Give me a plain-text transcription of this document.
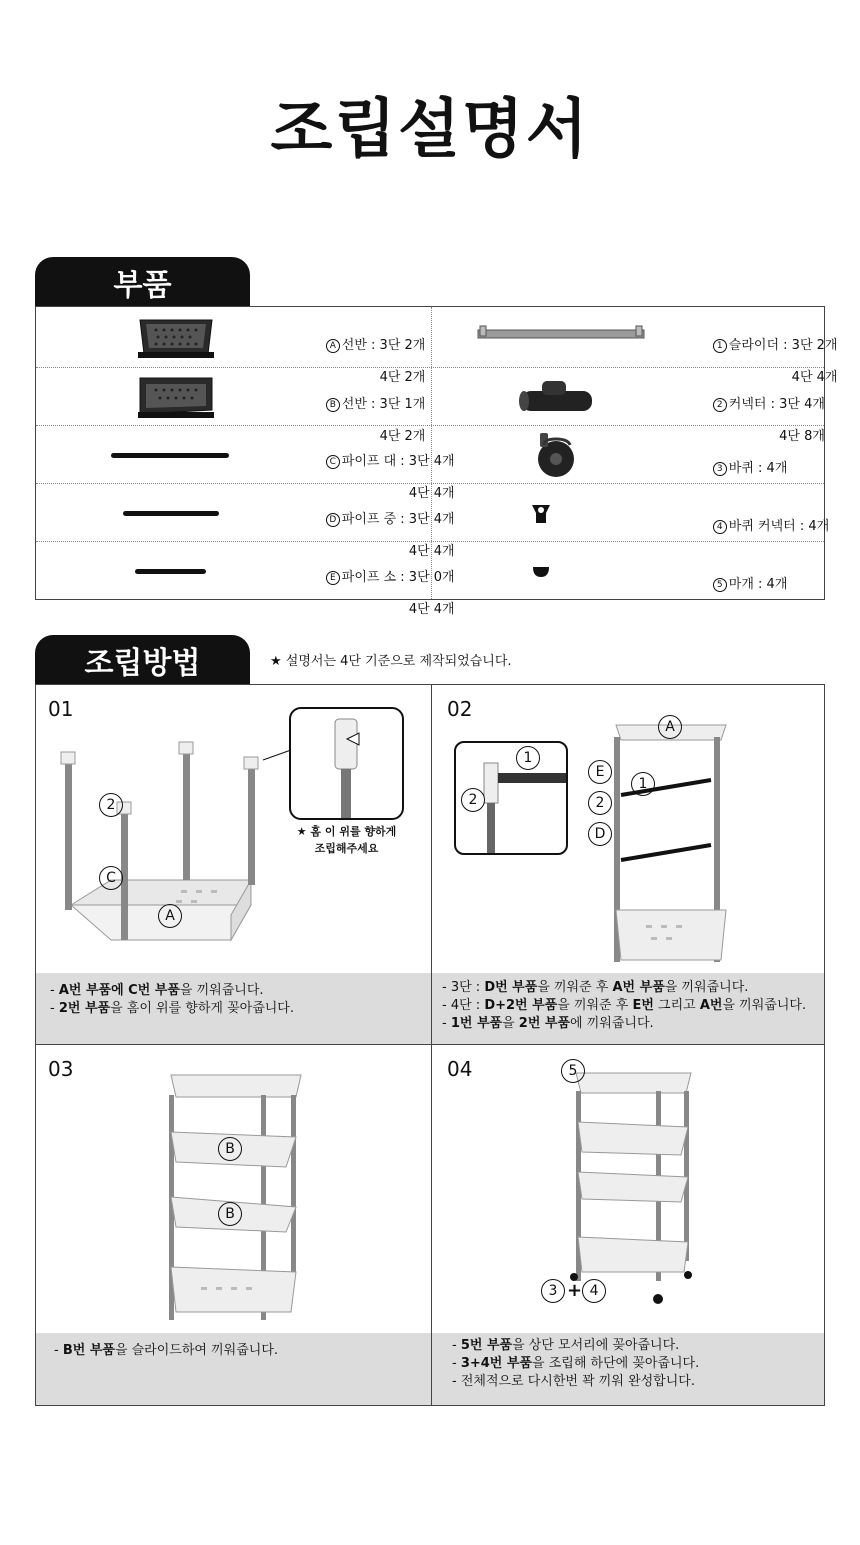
조립설명서
부품

A 선반 : 3단 2개

4단 2개

1 슬라이더 : 3단 2개

4단 4개

B 선반 : 3단 1개

4단 2개

2 커넥터 : 3단 4개

4단 8개

C 파이프 대 : 3단 4개

4단 4개

3 바퀴 : 4개

D 파이프 중 : 3단 4개

4단 4개

4 바퀴 커넥터 : 4개

E 파이프 소 : 3단 0개

4단 4개

5 마개 : 4개

조립방법	★ 설명서는 4단 기준으로 제작되었습니다.
01
2
C
A
★ 홈 이 위를 향하게
조립해주세요
- A번 부품에 C번 부품을 끼워줍니다.
- 2번 부품을 홈이 위를 향하게 꽂아줍니다.
02
A
E
1
2
D
1
2
- 3단 : D번 부품을 끼워준 후 A번 부품을 끼워줍니다.
- 4단 : D+2번 부품을 끼워준 후 E번 그리고 A번을 끼워줍니다.
- 1번 부품을 2번 부품에 끼워줍니다.
03
B
B
- B번 부품을 슬라이드하여 끼워줍니다.
04	5
3 + 4
- 5번 부품을 상단 모서리에 꽂아줍니다.
- 3+4번 부품을 조립해 하단에 꽂아줍니다.
- 전체적으로 다시한번 꽉 끼워 완성합니다.
